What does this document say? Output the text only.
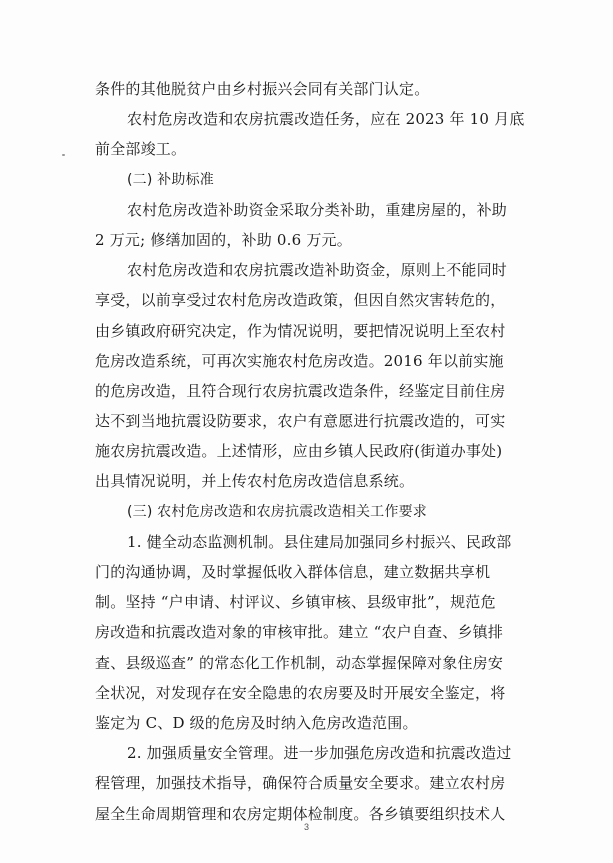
条件的其他脱贫户由乡村振兴会同有关部门认定。
农村危房改造和农房抗震改造任务，应在 2023 年 10 月底
前全部竣工。
(二) 补助标准
农村危房改造补助资金采取分类补助，重建房屋的，补助
2 万元; 修缮加固的，补助 0.6 万元。
农村危房改造和农房抗震改造补助资金，原则上不能同时
享受，以前享受过农村危房改造政策，但因自然灾害转危的，
由乡镇政府研究决定，作为情况说明，要把情况说明上至农村
危房改造系统，可再次实施农村危房改造。2016 年以前实施
的危房改造，且符合现行农房抗震改造条件，经鉴定目前住房
达不到当地抗震设防要求，农户有意愿进行抗震改造的，可实
施农房抗震改造。上述情形，应由乡镇人民政府(街道办事处)
出具情况说明，并上传农村危房改造信息系统。
(三) 农村危房改造和农房抗震改造相关工作要求
1. 健全动态监测机制。县住建局加强同乡村振兴、民政部
门的沟通协调，及时掌握低收入群体信息，建立数据共享机
制。坚持 “户申请、村评议、乡镇审核、县级审批”，规范危
房改造和抗震改造对象的审核审批。建立 “农户自查、乡镇排
查、县级巡查” 的常态化工作机制，动态掌握保障对象住房安
全状况，对发现存在安全隐患的农房要及时开展安全鉴定，将
鉴定为 C、D 级的危房及时纳入危房改造范围。
2. 加强质量安全管理。进一步加强危房改造和抗震改造过
程管理，加强技术指导，确保符合质量安全要求。建立农村房
屋全生命周期管理和农房定期体检制度。各乡镇要组织技术人
3
